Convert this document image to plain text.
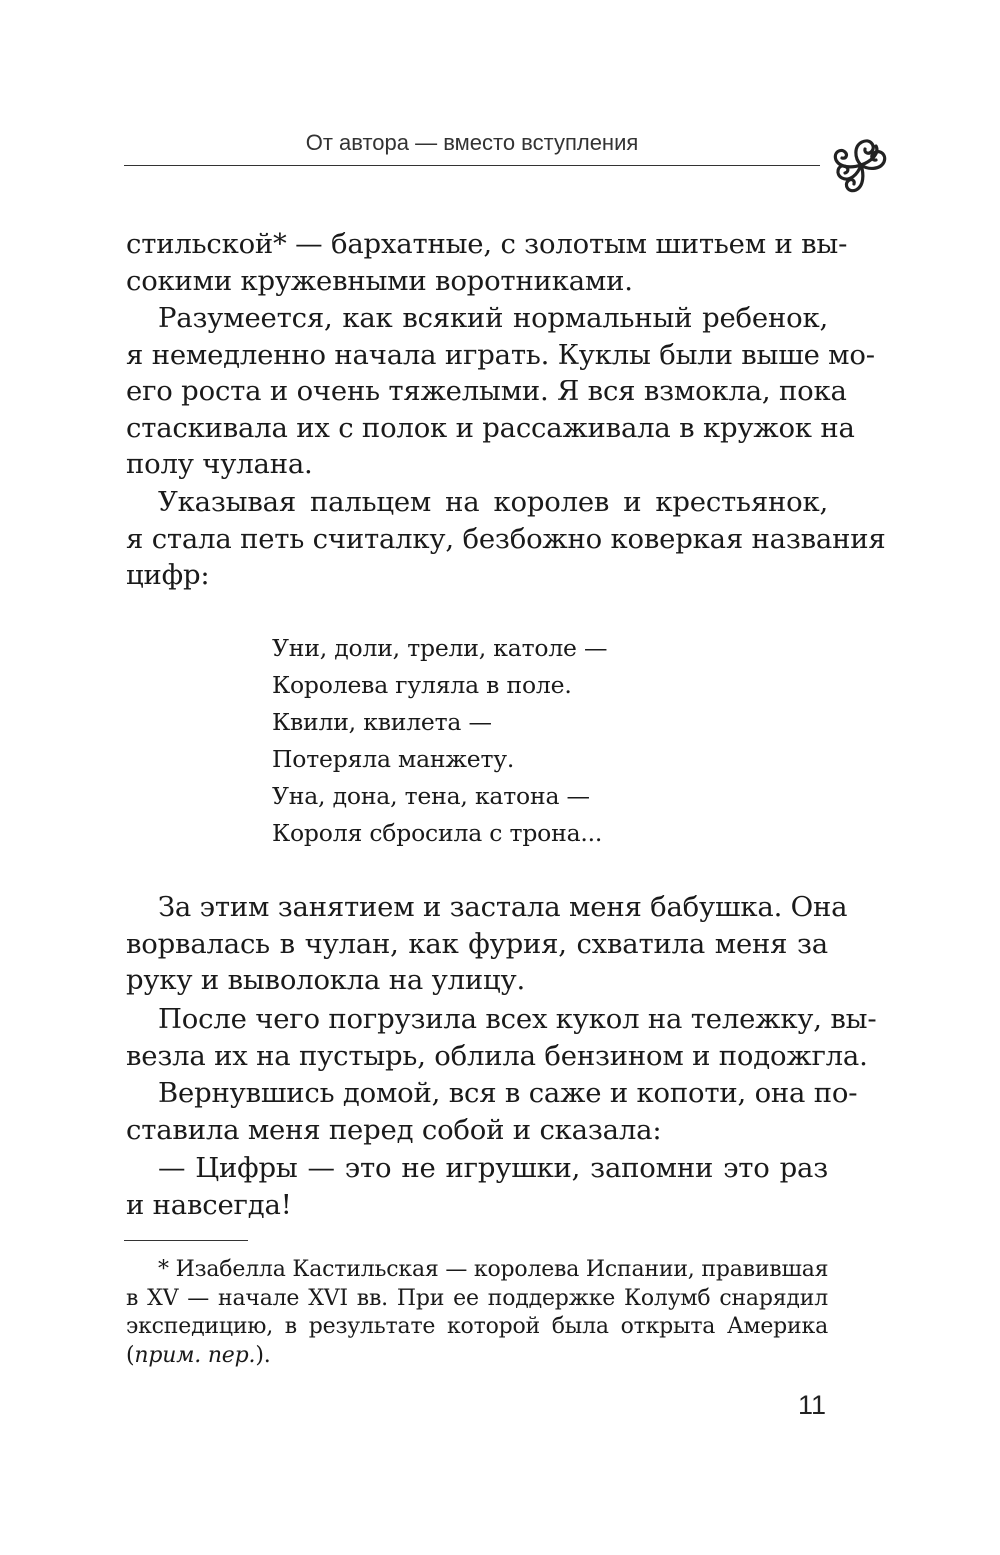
От автора — вместо вступления
стильской* — бархатные, с золотым шитьем и вы-
сокими кружевными воротниками.
Разумеется, как всякий нормальный ребенок,
я немедленно начала играть. Куклы были выше мо-
его роста и очень тяжелыми. Я вся взмокла, пока
стаскивала их с полок и рассаживала в кружок на
полу чулана.
Указывая пальцем на королев и крестьянок,
я стала петь считалку, безбожно коверкая названия
цифр:
Уни, доли, трели, католе —
Королева гуляла в поле.
Квили, квилета —
Потеряла манжету.
Уна, дона, тена, катона —
Короля сбросила с трона...
За этим занятием и застала меня бабушка. Она
ворвалась в чулан, как фурия, схватила меня за
руку и выволокла на улицу.
После чего погрузила всех кукол на тележку, вы-
везла их на пустырь, облила бензином и подожгла.
Вернувшись домой, вся в саже и копоти, она по-
ставила меня перед собой и сказала:
— Цифры — это не игрушки, запомни это раз
и навсегда!
* Изабелла Кастильская — королева Испании, правившая
в XV — начале XVI вв. При ее поддержке Колумб снарядил
экспедицию, в результате которой была открыта Америка
(прим. пер.).
11
